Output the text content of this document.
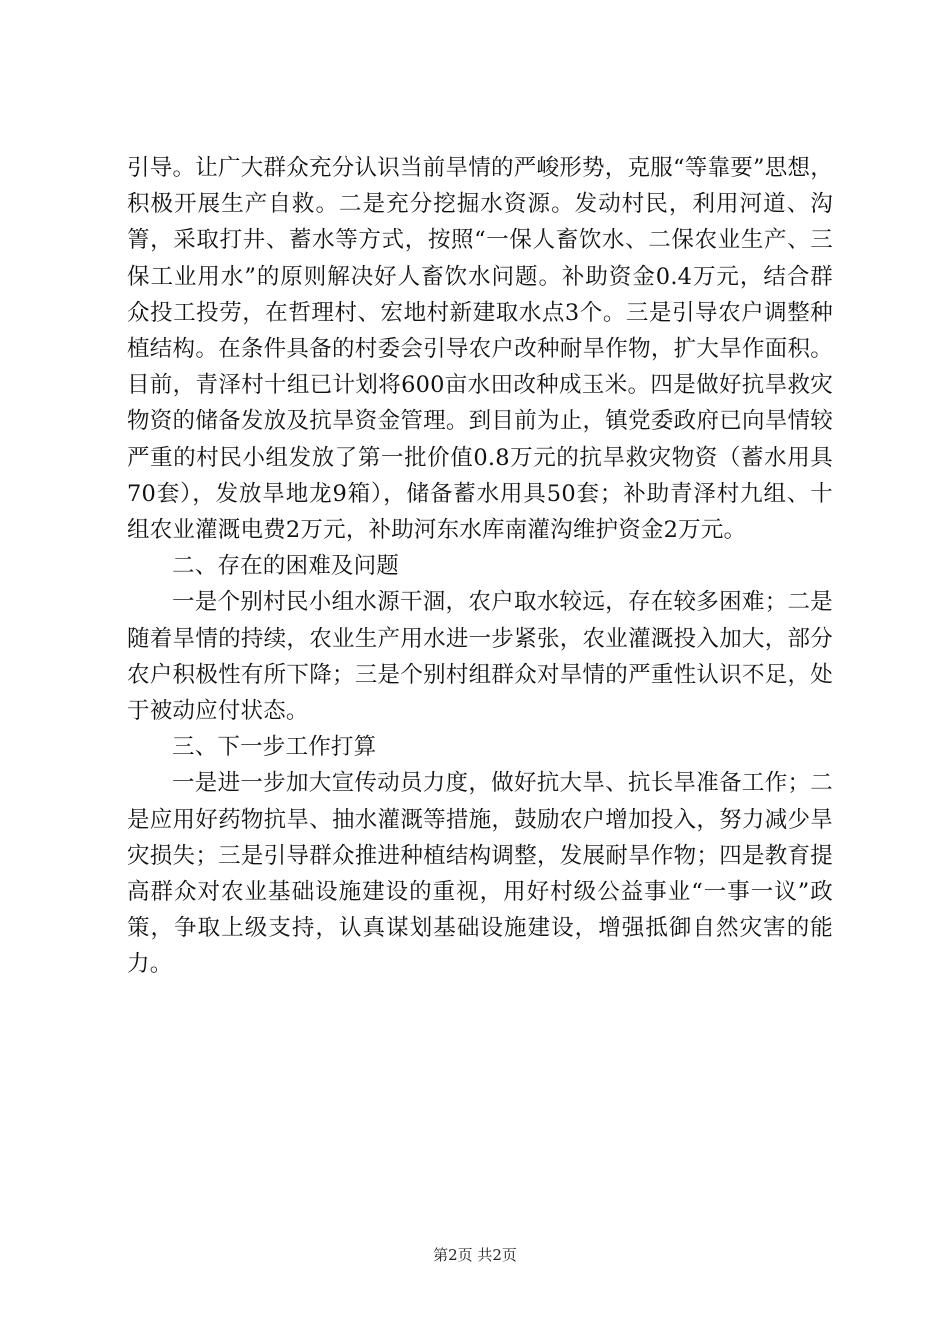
引导。让广大群众充分认识当前旱情的严峻形势，克服“等靠要”思想，积极开展生产自救。二是充分挖掘水资源。发动村民，利用河道、沟箐，采取打井、蓄水等方式，按照“一保人畜饮水、二保农业生产、三保工业用水”的原则解决好人畜饮水问题。补助资金0.4万元，结合群众投工投劳，在哲理村、宏地村新建取水点3个。三是引导农户调整种植结构。在条件具备的村委会引导农户改种耐旱作物，扩大旱作面积。目前，青泽村十组已计划将600亩水田改种成玉米。四是做好抗旱救灾物资的储备发放及抗旱资金管理。到目前为止，镇党委政府已向旱情较严重的村民小组发放了第一批价值0.8万元的抗旱救灾物资（蓄水用具70套），发放旱地龙9箱），储备蓄水用具50套；补助青泽村九组、十组农业灌溉电费2万元，补助河东水库南灌沟维护资金2万元。

二、存在的困难及问题

一是个别村民小组水源干涸，农户取水较远，存在较多困难；二是随着旱情的持续，农业生产用水进一步紧张，农业灌溉投入加大，部分农户积极性有所下降；三是个别村组群众对旱情的严重性认识不足，处于被动应付状态。

三、下一步工作打算

一是进一步加大宣传动员力度，做好抗大旱、抗长旱准备工作；二是应用好药物抗旱、抽水灌溉等措施，鼓励农户增加投入，努力减少旱灾损失；三是引导群众推进种植结构调整，发展耐旱作物；四是教育提高群众对农业基础设施建设的重视，用好村级公益事业“一事一议”政策，争取上级支持，认真谋划基础设施建设，增强抵御自然灾害的能力。

第2页 共2页
